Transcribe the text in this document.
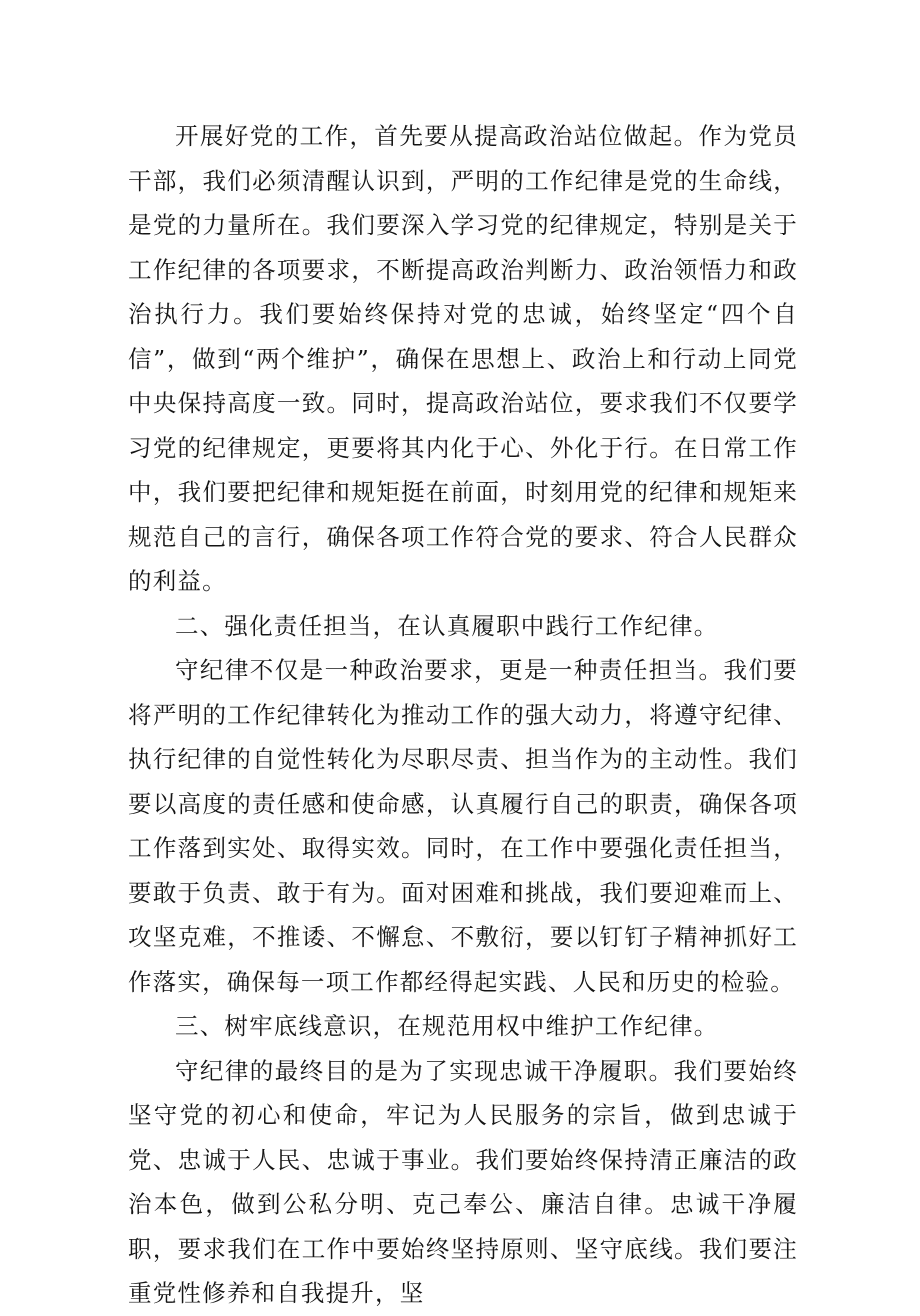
开展好党的工作，首先要从提高政治站位做起。作为党员干部，我们必须清醒认识到，严明的工作纪律是党的生命线，是党的力量所在。我们要深入学习党的纪律规定，特别是关于工作纪律的各项要求，不断提高政治判断力、政治领悟力和政治执行力。我们要始终保持对党的忠诚，始终坚定“四个自信”，做到“两个维护”，确保在思想上、政治上和行动上同党中央保持高度一致。同时，提高政治站位，要求我们不仅要学习党的纪律规定，更要将其内化于心、外化于行。在日常工作中，我们要把纪律和规矩挺在前面，时刻用党的纪律和规矩来规范自己的言行，确保各项工作符合党的要求、符合人民群众的利益。

二、强化责任担当，在认真履职中践行工作纪律。

守纪律不仅是一种政治要求，更是一种责任担当。我们要将严明的工作纪律转化为推动工作的强大动力，将遵守纪律、执行纪律的自觉性转化为尽职尽责、担当作为的主动性。我们要以高度的责任感和使命感，认真履行自己的职责，确保各项工作落到实处、取得实效。同时，在工作中要强化责任担当，要敢于负责、敢于有为。面对困难和挑战，我们要迎难而上、攻坚克难，不推诿、不懈怠、不敷衍，要以钉钉子精神抓好工作落实，确保每一项工作都经得起实践、人民和历史的检验。

三、树牢底线意识，在规范用权中维护工作纪律。

守纪律的最终目的是为了实现忠诚干净履职。我们要始终坚守党的初心和使命，牢记为人民服务的宗旨，做到忠诚于党、忠诚于人民、忠诚于事业。我们要始终保持清正廉洁的政治本色，做到公私分明、克己奉公、廉洁自律。忠诚干净履职，要求我们在工作中要始终坚持原则、坚守底线。我们要注重党性修养和自我提升，坚
